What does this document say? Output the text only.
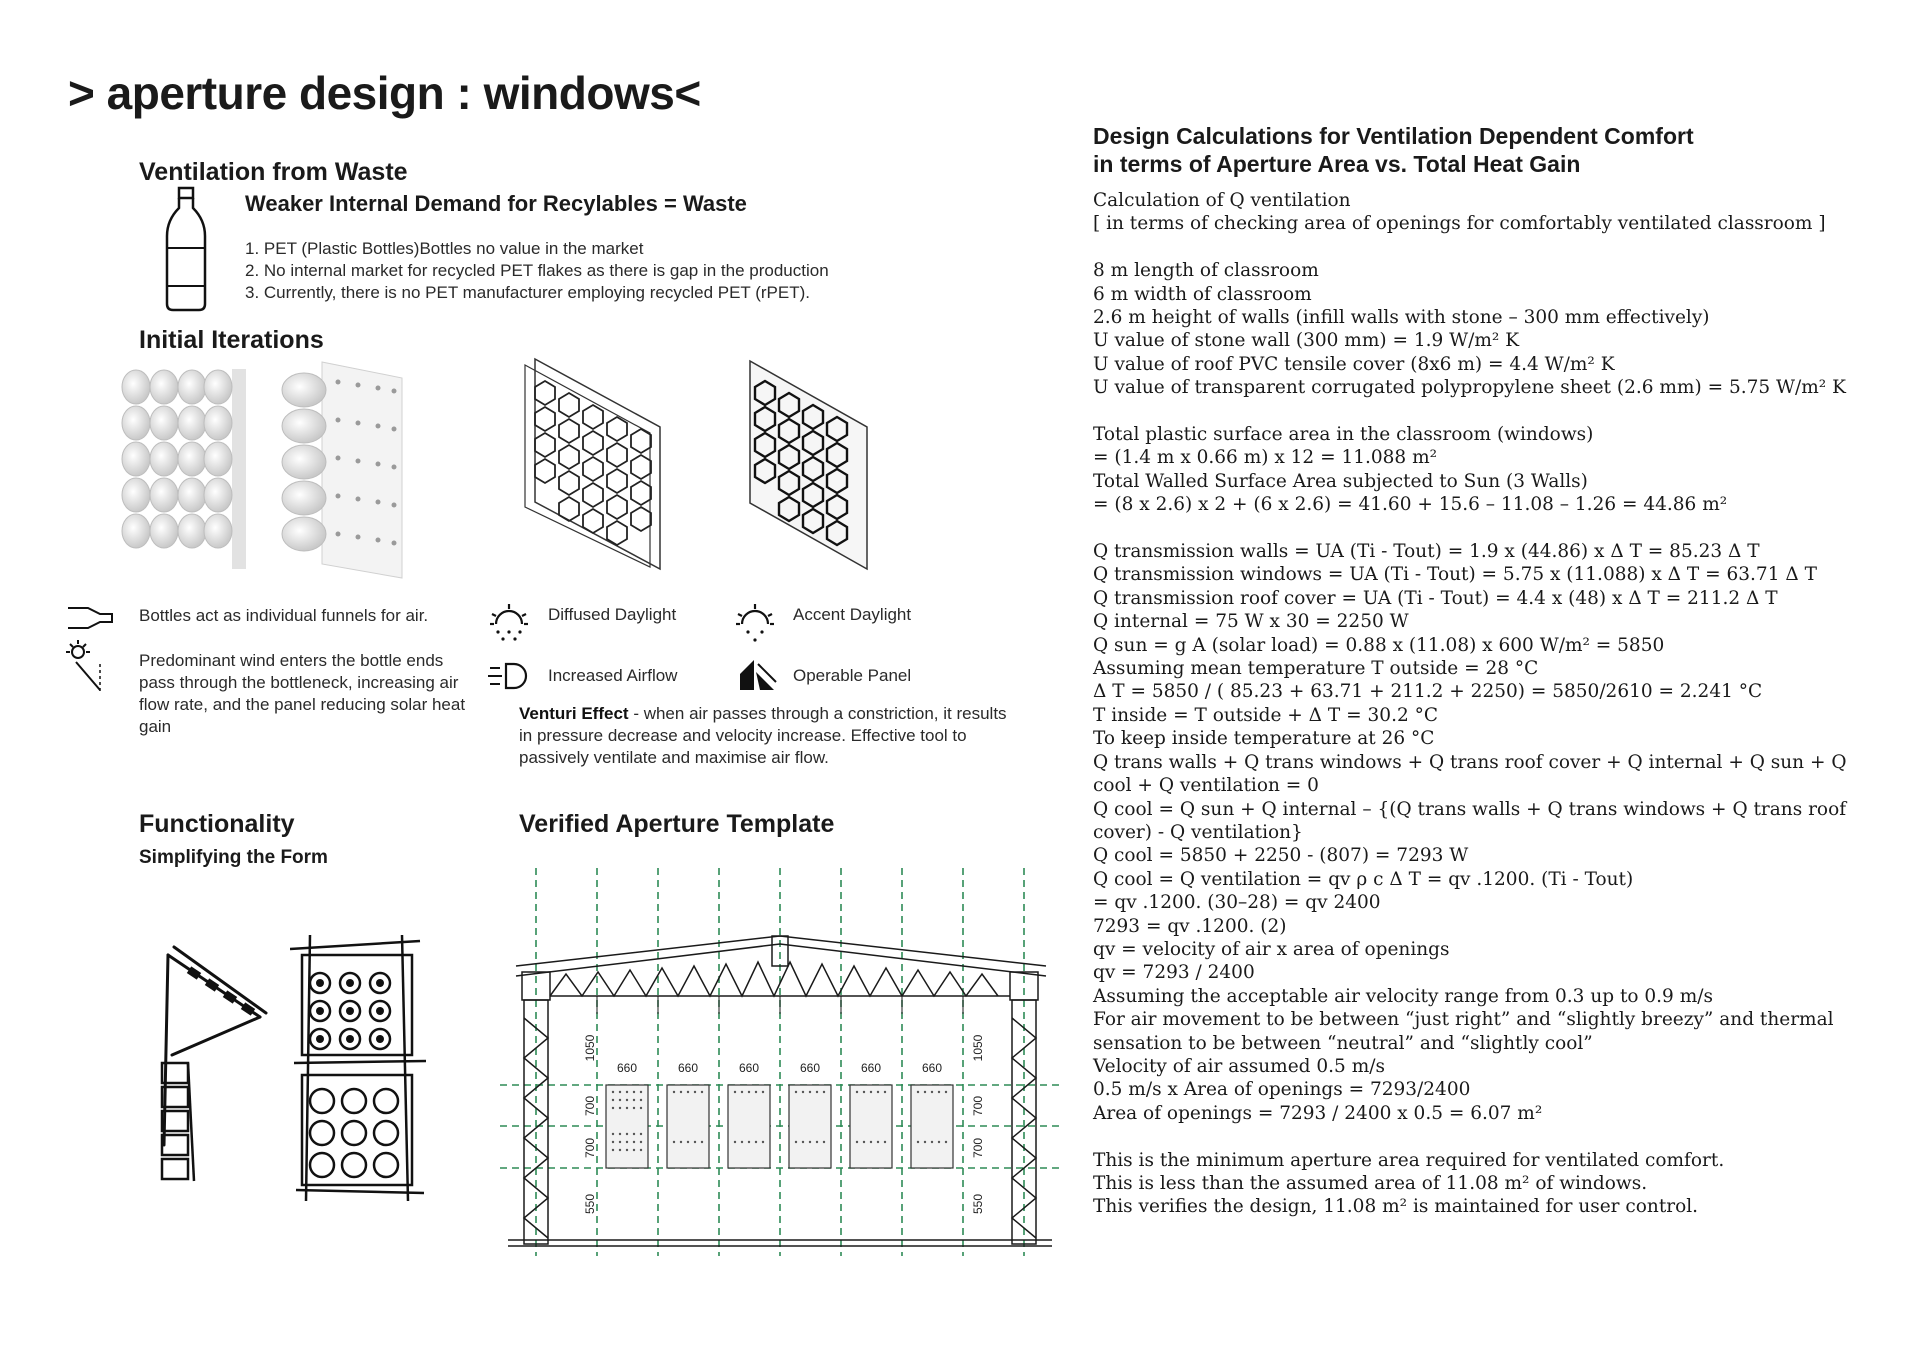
> aperture design : windows<
Ventilation from Waste
Weaker Internal Demand for Recylables = Waste
1. PET (Plastic Bottles)Bottles no value in the market
2. No internal market for recycled PET flakes as there is gap in the production
3. Currently, there is no PET manufacturer employing recycled PET (rPET).
Initial Iterations
Bottles act as individual funnels for air.
Predominant wind enters the bottle ends pass through the bottleneck, increasing air flow rate, and the panel reducing solar heat gain
Diffused Daylight	Accent Daylight
Increased Airflow	Operable Panel
Venturi Effect - when air passes through a constriction, it results in pressure decrease and velocity increase. Effective tool to passively ventilate and maximise air flow.
Functionality
Simplifying the Form
Verified Aperture Template
660	660	660	660	660	660
1050
700
700
550
1050
700
700
550
Design Calculations for Ventilation Dependent Comfort
in terms of Aperture Area vs. Total Heat Gain
Calculation of Q ventilation
[ in terms of checking area of openings for comfortably ventilated classroom ]
8 m length of classroom
6 m width of classroom
2.6 m height of walls (infill walls with stone – 300 mm effectively)
U value of stone wall (300 mm) = 1.9 W/m² K
U value of roof PVC tensile cover (8x6 m) = 4.4 W/m² K
U value of transparent corrugated polypropylene sheet (2.6 mm) = 5.75 W/m² K
Total plastic surface area in the classroom (windows)
= (1.4 m x 0.66 m) x 12 = 11.088 m²
Total Walled Surface Area subjected to Sun (3 Walls)
= (8 x 2.6) x 2 + (6 x 2.6) = 41.60 + 15.6 – 11.08 – 1.26 = 44.86 m²
Q transmission walls = UA (Ti - Tout) = 1.9 x (44.86) x Δ T = 85.23 Δ T
Q transmission windows = UA (Ti - Tout) = 5.75 x (11.088) x Δ T = 63.71 Δ T
Q transmission roof cover = UA (Ti - Tout) = 4.4 x (48) x Δ T = 211.2 Δ T
Q internal = 75 W x 30 = 2250 W
Q sun = g A (solar load) = 0.88 x (11.08) x 600 W/m² = 5850
Assuming mean temperature T outside = 28 °C
Δ T = 5850 / ( 85.23 + 63.71 + 211.2 + 2250) = 5850/2610 = 2.241 °C
T inside = T outside + Δ T = 30.2 °C
To keep inside temperature at 26 °C
Q trans walls + Q trans windows + Q trans roof cover + Q internal + Q sun + Q
cool + Q ventilation = 0
Q cool = Q sun + Q internal – {(Q trans walls + Q trans windows + Q trans roof
cover) - Q ventilation}
Q cool = 5850 + 2250 - (807) = 7293 W
Q cool = Q ventilation = qv ρ c Δ T = qv .1200. (Ti - Tout)
= qv .1200. (30–28) = qv 2400
7293 = qv .1200. (2)
qv = velocity of air x area of openings
qv = 7293 / 2400
Assuming the acceptable air velocity range from 0.3 up to 0.9 m/s
For air movement to be between “just right” and “slightly breezy” and thermal
sensation to be between “neutral” and “slightly cool”
Velocity of air assumed 0.5 m/s
0.5 m/s x Area of openings = 7293/2400
Area of openings = 7293 / 2400 x 0.5 = 6.07 m²
This is the minimum aperture area required for ventilated comfort.
This is less than the assumed area of 11.08 m² of windows.
This verifies the design, 11.08 m² is maintained for user control.
